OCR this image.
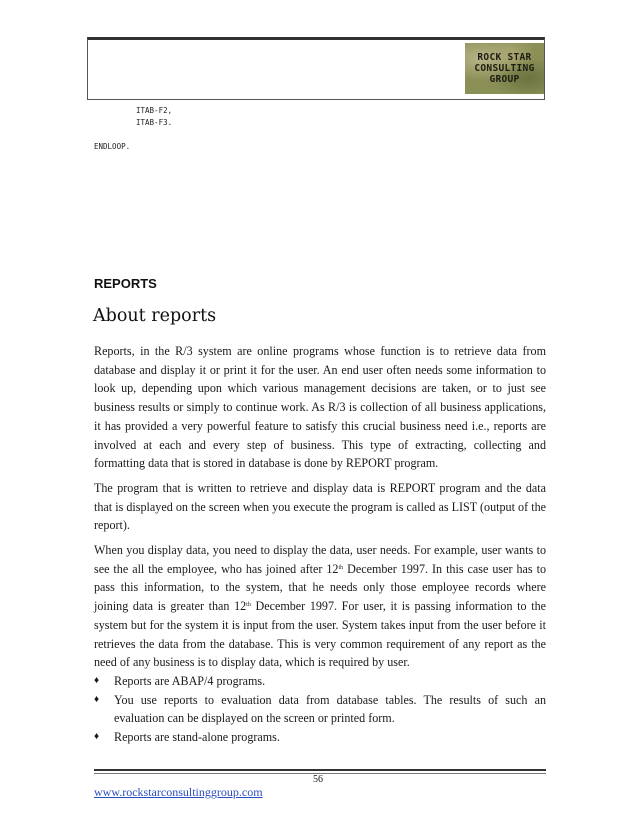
ROCK STAR
CONSULTING
GROUP
ITAB-F2,
ITAB-F3.
ENDLOOP.
REPORTS
About reports

Reports, in the R/3 system are online programs whose function is to retrieve data from database and display it or print it for the user. An end user often needs some information to look up, depending upon which various management decisions are taken, or to just see business results or simply to continue work. As R/3 is collection of all business applications, it has provided a very powerful feature to satisfy this crucial business need i.e., reports are involved at each and every step of business. This type of extracting, collecting and formatting data that is stored in database is done by REPORT program.

The program that is written to retrieve and display data is REPORT program and the data that is displayed on the screen when you execute the program is called as LIST (output of the report).

When you display data, you need to display the data, user needs. For example, user wants to see the all the employee, who has joined after 12th December 1997. In this case user has to pass this information, to the system, that he needs only those employee records where joining data is greater than 12th December 1997. For user, it is passing information to the system but for the system it is input from the user. System takes input from the user before it retrieves the data from the database. This is very common requirement of any report as the need of any business is to display data, which is required by user.

♦ Reports are ABAP/4 programs.
♦ You use reports to evaluation data from database tables. The results of such an evaluation can be displayed on the screen or printed form.
♦ Reports are stand-alone programs.
56
www.rockstarconsultinggroup.com
